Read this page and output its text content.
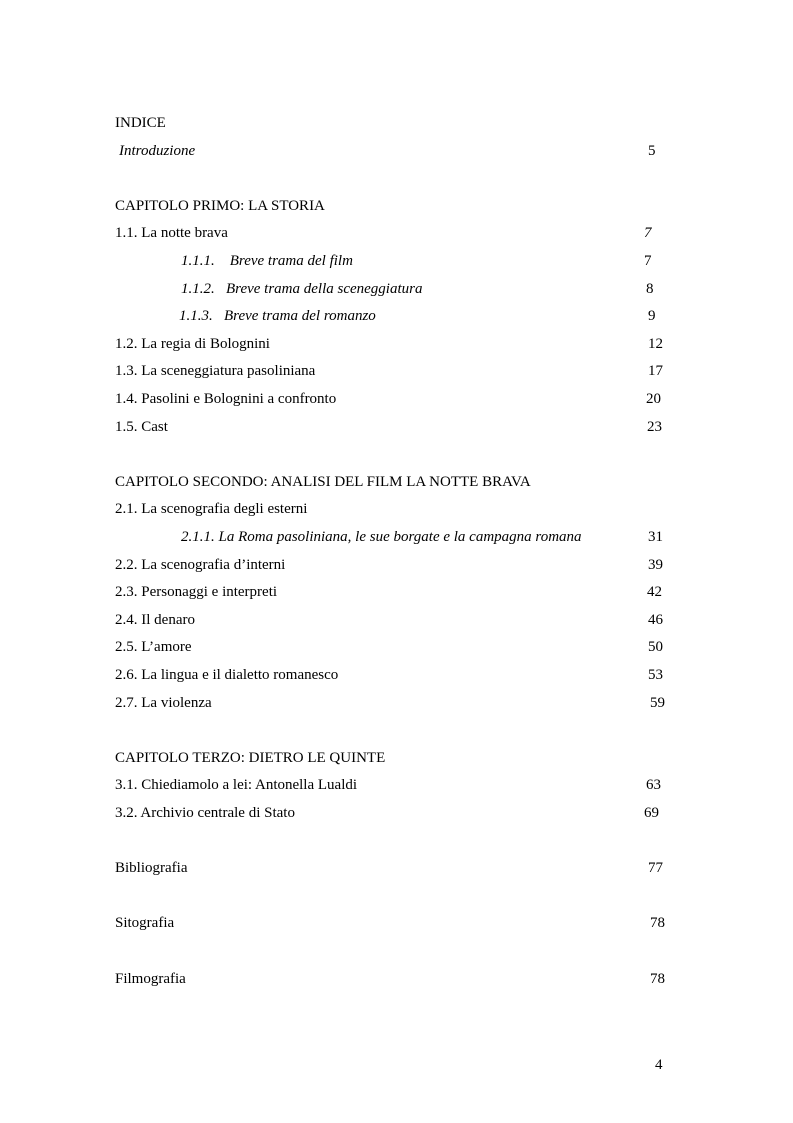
INDICE
Introduzione	5
CAPITOLO PRIMO: LA STORIA
1.1. La notte brava	7
1.1.1.    Breve trama del film	7
1.1.2.   Breve trama della sceneggiatura	8
1.1.3.   Breve trama del romanzo	9
1.2. La regia di Bolognini	12
1.3. La sceneggiatura pasoliniana	17
1.4. Pasolini e Bolognini a confronto	20
1.5. Cast	23
CAPITOLO SECONDO: ANALISI DEL FILM LA NOTTE BRAVA
2.1. La scenografia degli esterni
2.1.1. La Roma pasoliniana, le sue borgate e la campagna romana	31
2.2. La scenografia d’interni	39
2.3. Personaggi e interpreti	42
2.4. Il denaro	46
2.5. L’amore	50
2.6. La lingua e il dialetto romanesco	53
2.7. La violenza	59
CAPITOLO TERZO: DIETRO LE QUINTE
3.1. Chiediamolo a lei: Antonella Lualdi	63
3.2. Archivio centrale di Stato	69
Bibliografia	77
Sitografia	78
Filmografia	78
4
